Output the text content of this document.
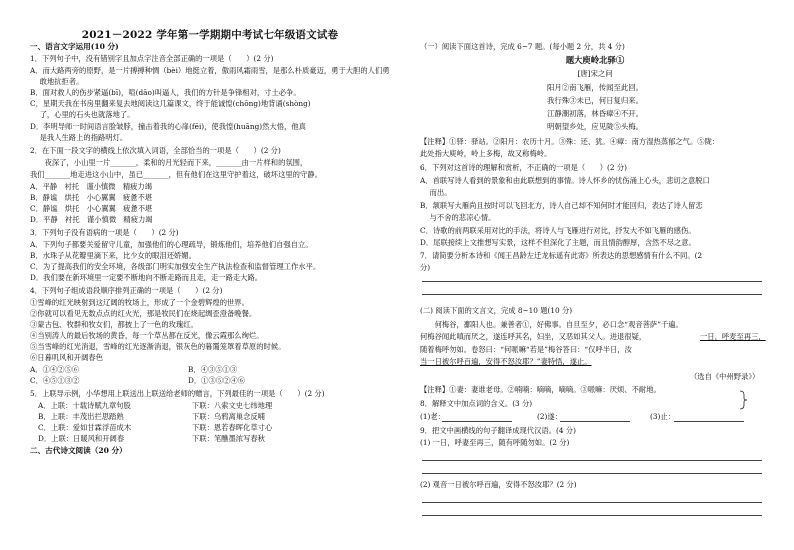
2021－2022 学年第一学期期中考试七年级语文试卷
一、语言文字运用(10 分)
1．下列句子中，没有错别字且加点字注音全部正确的一项是（　　）(2 分)
A．而大路两旁的原野，是一片搏搏种惆（bèi）地挺立着，傲雨风霜雨雪，是那么朴质豪迈，勇于大胆的人们勇
　 敢地抗拒者。
B．面对救人的伤步紧逼(bī)，喧(dāo)叫逼人，我们的方针是争锋相对，寸土必争。
C．星期天我在书房里翻来复去地阅读这几篇课文，终于能诚惶(chōng)地背诵(shòng)
　 了，心里的石头也就落地了。
D．李明导师一时间语言脸皱脖，撞击着我的心扉(fēi)，使我惶(huāng)然大悟，他真
　 是我人生路上的指路明灯。
2．在下面一段文字的横线上依次填入词语，全部恰当的一项是（　　）(2 分)
　　夜深了，小山里一片_______，柔和的月光轻而下来，_______由一片样和的氛围，
我们_______地走进这小山中，虽已_______，但有他们在这里守护着这，破坏这里的守静。
A．平静　衬托　谨小慎微　精疲力竭
B．静谧　烘托　小心翼翼　疲惫不堪
C．静谧　烘托　小心翼翼　疲惫不堪
D．平静　衬托　谨小慎微　精疲力竭
3．下列句子没有语病的一项是（　　）(2 分)
A．下列句子都要关爱留守儿童，加强他们的心理疏导，锻炼他们，培养他们自强自立。
B．水珠子从花瓣里滴下来，比少女的眼泪还娇媚。
C．为了提高我们的安全环境，各级部门明实加强安全生产执法检查和监督管理工作水平。
D．我们要在新环境里一定要不断地向不断走路而且走，走一路走大路。
4．下列句子组成语段顺序排列正确的一项是（　　）(2 分)
①雪峰的红光映射到这辽阔的牧场上，形成了一个金碧辉煌的世界。
②你就可以看见无数点点的红火光，那是牧民们在烧起绸歪澄备晚餐。
③蒙古包、牧群和牧女们，都披上了一色的玫瑰红。
④当别涛人的最后牧场的黄昏，每一个草丛都在反光，像云霞那么绚烂。
⑤当雪峰的红光消退，雪峰的红光逐渐消退，银灰色的暮霭笼罩着草原的时候。
⑥日暮叽风和开阔春色
A．①④②⑤⑥
C．④⑤①③②
B．④③⑤①③
D．①③⑤②④⑥
5．上联导示例，小华想用上联送出上联送给老师的赠言，下列最佳的一项是（　　）(2 分)
A．上联：十载诗赋九章句股	下联：八索文史七纬地理
B．上联：丰茂出拦思踏熟	下联：乌鸦离巢念反哺
C．上联：爱如甘霖浮苗成木	下联：恩若春晖化草寸心
D．上联：日暖风和开阔春	下联：笔醮墨浓写春秋
二、古代诗文阅读（20 分）
（一）阅读下面这首诗，完成 6~7 题。(每小题 2 分，共 4 分)
题大庾岭北驿①
[唐]宋之问
阳月②南飞雁，传闻至此回。
我行殊③未已，何日复归来。
江静潮初落，林昏瘴④不开。
明朝望乡处，应见陇⑤头梅。
【注释】①驿：驿站。②阳月：农历十月。③殊：还、犹。④瘴：南方湿热蒸郁之气。⑤陇：
此处指大庾岭，岭上多梅，故又称梅岭。
6．下列对这首诗的理解和赏析，不正确的一项是（　　）(2 分)
A．首联写诗人看到的景象和由此联想到的事情。诗人怀乡的忧伤涌上心头，悲切之意脱口
　 而出。
B．颔联写大雁尚且按时可以飞回北方，诗人自己却不知何时才能回归，表达了诗人留恋
　 与不舍的悲凉心情。
C．诗歌的前两联采用对比的手法，将诗人与飞雁进行对比，抒发大不如飞雁的感伤。
D．尾联接续上文推想写实景，这样不但深化了主题，而且情韵醇厚，含然不尽之意。
7．请简要分析本诗和《闻王昌龄左迁龙标遥有此寄》所表达的思想感情有什么不同。(2
分)
(二) 阅读下面的文言文，完成 8~10 题(10 分)
　　何梅谷，鄱阳人也。兼善者①，好佛事。自旦至夕，必口念“观音菩萨”千遍。
何梅谷闻此嗔而厌之，遂连呼其名，妇坐，又恶如其父人。进退很疑，	一日，呼麦至再三，
随着梅呼勿如。卷怒曰：“何哌嘛“若是”梅谷答曰：“仅呼半日，汝
当一日被尔呼百遍，安得不怒汝耶？”妻特悟，遂止。
（选自《中州野录》）
【注释】①妻：妻谁老母。②喃喃：嘀嘀，嘀嘀。③哌嘛：厌烦、不耐地。
8．解释文中加点词的含义。(3 分)
(1)老：	(2)遂：	(3)止：
9．把文中画横线的句子翻译成现代汉语。(4 分)
(1) 一日，呼妻至再三，随有呼随勿如。(2 分)
(2) 观音一日被尔呼百遍，安得不怒汝耶？(2 分)
